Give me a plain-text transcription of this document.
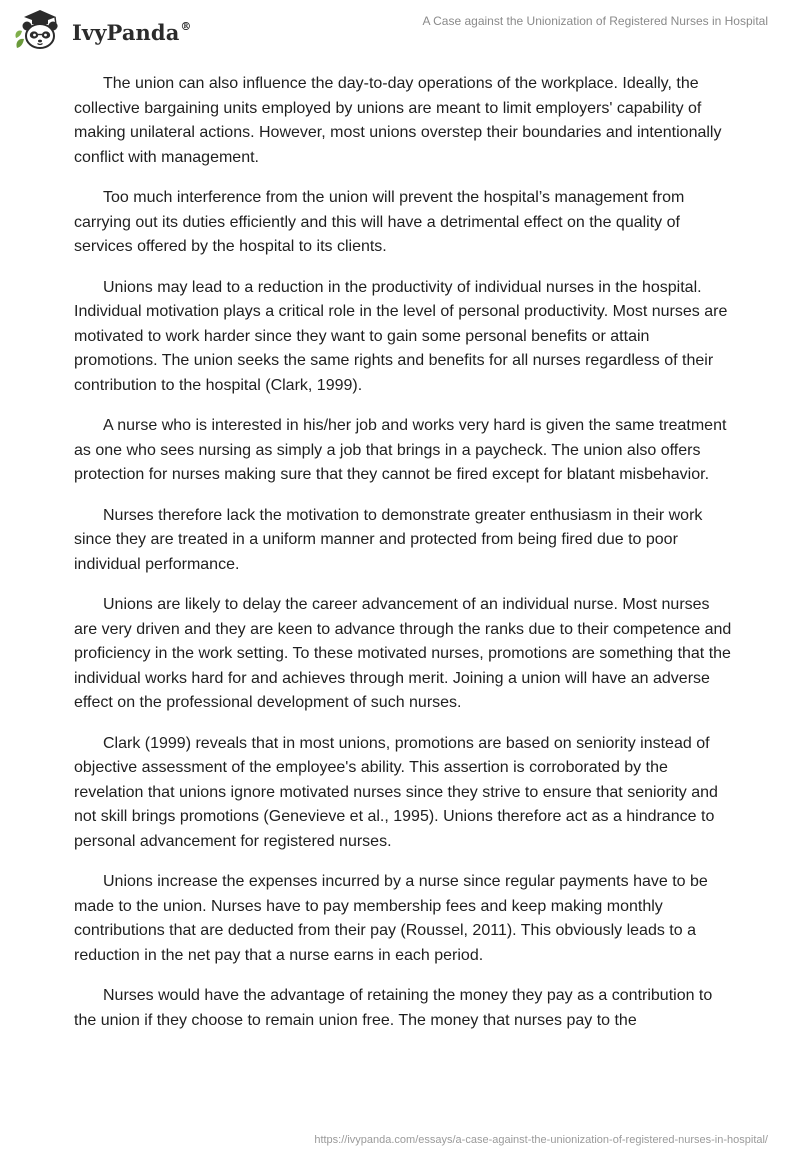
IvyPanda®	A Case against the Unionization of Registered Nurses in Hospital

The union can also influence the day-to-day operations of the workplace. Ideally, the collective bargaining units employed by unions are meant to limit employers' capability of making unilateral actions. However, most unions overstep their boundaries and intentionally conflict with management.

Too much interference from the union will prevent the hospital’s management from carrying out its duties efficiently and this will have a detrimental effect on the quality of services offered by the hospital to its clients.

Unions may lead to a reduction in the productivity of individual nurses in the hospital. Individual motivation plays a critical role in the level of personal productivity. Most nurses are motivated to work harder since they want to gain some personal benefits or attain promotions. The union seeks the same rights and benefits for all nurses regardless of their contribution to the hospital (Clark, 1999).

A nurse who is interested in his/her job and works very hard is given the same treatment as one who sees nursing as simply a job that brings in a paycheck. The union also offers protection for nurses making sure that they cannot be fired except for blatant misbehavior.

Nurses therefore lack the motivation to demonstrate greater enthusiasm in their work since they are treated in a uniform manner and protected from being fired due to poor individual performance.

Unions are likely to delay the career advancement of an individual nurse. Most nurses are very driven and they are keen to advance through the ranks due to their competence and proficiency in the work setting. To these motivated nurses, promotions are something that the individual works hard for and achieves through merit. Joining a union will have an adverse effect on the professional development of such nurses.

Clark (1999) reveals that in most unions, promotions are based on seniority instead of objective assessment of the employee's ability. This assertion is corroborated by the revelation that unions ignore motivated nurses since they strive to ensure that seniority and not skill brings promotions (Genevieve et al., 1995). Unions therefore act as a hindrance to personal advancement for registered nurses.

Unions increase the expenses incurred by a nurse since regular payments have to be made to the union. Nurses have to pay membership fees and keep making monthly contributions that are deducted from their pay (Roussel, 2011). This obviously leads to a reduction in the net pay that a nurse earns in each period.

Nurses would have the advantage of retaining the money they pay as a contribution to the union if they choose to remain union free. The money that nurses pay to the

https://ivypanda.com/essays/a-case-against-the-unionization-of-registered-nurses-in-hospital/
